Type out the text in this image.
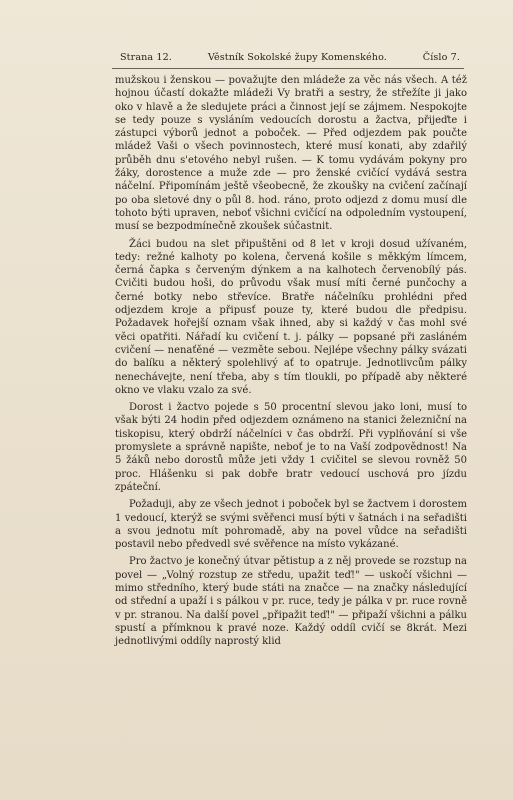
Strana 12.	Věstník Sokolské župy Komenského.	Číslo 7.

mužskou i ženskou — považujte den mládeže za věc nás všech. A též hojnou účastí dokažte mládeži Vy bratři a sestry, že střežíte ji jako oko v hlavě a že sledujete práci a činnost její se zájmem. Nespokojte se tedy pouze s vysláním vedoucích dorostu a žactva, přijeďte i zástupci výborů jednot a poboček. — Před odjezdem pak poučte mládež Vaši o všech povinnostech, které musí konati, aby zdařilý průběh dnu s'etového nebyl rušen. — K tomu vydávám pokyny pro žáky, dorostence a muže zde — pro ženské cvičící vydává sestra náčelní. Připomínám ještě všeobecně, že zkoušky na cvičení začínají po oba sletové dny o půl 8. hod. ráno, proto odjezd z domu musí dle tohoto býti upraven, neboť všichni cvičící na odpoledním vystoupení, musí se bezpodmínečně zkoušek súčastnit.

Žáci budou na slet připuštěni od 8 let v kroji dosud užívaném, tedy: režné kalhoty po kolena, červená košile s měkkým límcem, černá čapka s červeným dýnkem a na kalhotech červenobílý pás. Cvičiti budou hoši, do průvodu však musí míti černé punčochy a černé botky nebo střevíce. Bratře náčelníku prohlédni před odjezdem kroje a připusť pouze ty, které budou dle předpisu. Požadavek hořejší oznam však ihned, aby si každý v čas mohl své věci opatřiti. Nářadí ku cvičení t. j. pálky — popsané při zasláném cvičení — nenaťěné — vezměte sebou. Nejlépe všechny pálky svázati do balíku a některý spolehlivý ať to opatruje. Jednotlivcům pálky nenechávejte, není třeba, aby s tím tloukli, po případě aby některé okno ve vlaku vzalo za své.

Dorost i žactvo pojede s 50 procentní slevou jako loni, musí to však býti 24 hodin před odjezdem oznámeno na stanici železniční na tiskopisu, který obdrží náčelníci v čas obdrží. Při vyplňování si vše promyslete a správně napište, neboť je to na Vaší zodpovědnost! Na 5 žáků nebo dorostů může jeti vždy 1 cvičitel se slevou rovněž 50 proc. Hlášenku si pak dobře bratr vedoucí uschová pro jízdu zpáteční.

Požaduji, aby ze všech jednot i poboček byl se žactvem i dorostem 1 vedoucí, kterýž se svými svěřenci musí býti v šatnách i na seřadišti a svou jednotu mít pohromadě, aby na povel vůdce na seřadišti postavil nebo předvedl své svěřence na místo vykázané.

Pro žactvo je konečný útvar pětistup a z něj provede se rozstup na povel — „Volný rozstup ze středu, upažit teď!" — uskočí všichni — mimo středního, který bude státi na značce — na značky následující od střední a upaží i s pálkou v pr. ruce, tedy je pálka v pr. ruce rovně v pr. stranou. Na další povel „připažit teď!" — připaží všichni a pálku spustí a přímknou k pravé noze. Každý oddíl cvičí se 8krát. Mezi jednotlivými oddíly naprostý klid
